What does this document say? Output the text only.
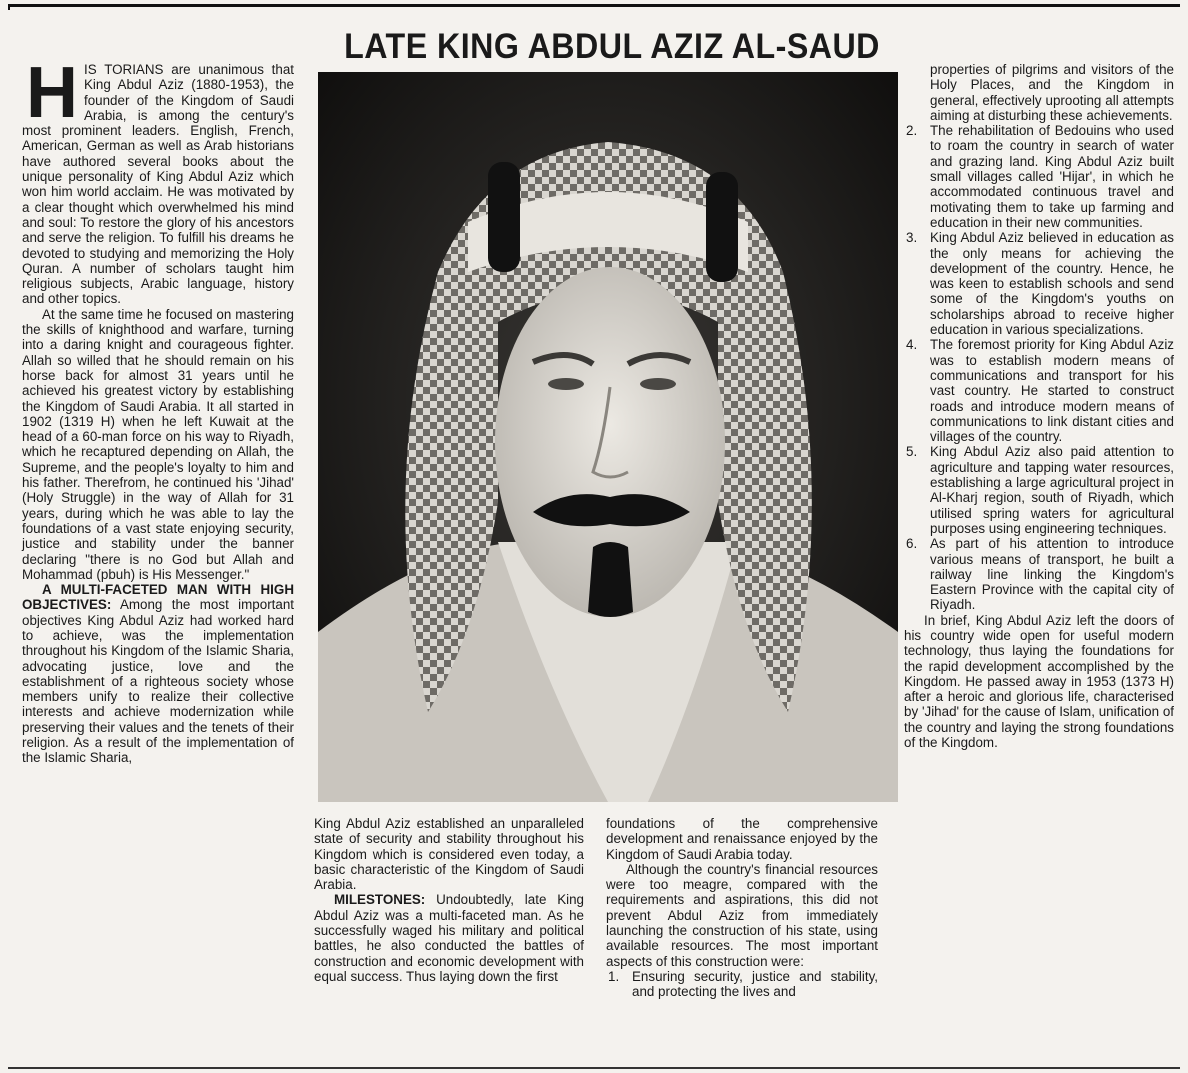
LATE KING ABDUL AZIZ AL-SAUD

HIS TORIANS are unanimous that King Abdul Aziz (1880-1953), the founder of the Kingdom of Saudi Arabia, is among the century's most prominent leaders. English, French, American, German as well as Arab historians have authored several books about the unique personality of King Abdul Aziz which won him world acclaim. He was motivated by a clear thought which overwhelmed his mind and soul: To restore the glory of his ancestors and serve the religion. To fulfill his dreams he devoted to studying and memorizing the Holy Quran. A number of scholars taught him religious subjects, Arabic language, history and other topics.

At the same time he focused on mastering the skills of knighthood and warfare, turning into a daring knight and courageous fighter. Allah so willed that he should remain on his horse back for almost 31 years until he achieved his greatest victory by establishing the Kingdom of Saudi Arabia. It all started in 1902 (1319 H) when he left Kuwait at the head of a 60-man force on his way to Riyadh, which he recaptured depending on Allah, the Supreme, and the people's loyalty to him and his father. Therefrom, he continued his 'Jihad' (Holy Struggle) in the way of Allah for 31 years, during which he was able to lay the foundations of a vast state enjoying security, justice and stability under the banner declaring "there is no God but Allah and Mohammad (pbuh) is His Messenger."

A MULTI-FACETED MAN WITH HIGH OBJECTIVES: Among the most important objectives King Abdul Aziz had worked hard to achieve, was the implementation throughout his Kingdom of the Islamic Sharia, advocating justice, love and the establishment of a righteous society whose members unify to realize their collective interests and achieve modernization while preserving their values and the tenets of their religion. As a result of the implementation of the Islamic Sharia,

King Abdul Aziz established an unparalleled state of security and stability throughout his Kingdom which is considered even today, a basic characteristic of the Kingdom of Saudi Arabia.

MILESTONES: Undoubtedly, late King Abdul Aziz was a multi-faceted man. As he successfully waged his military and political battles, he also conducted the battles of construction and economic development with equal success. Thus laying down the first

foundations of the comprehensive development and renaissance enjoyed by the Kingdom of Saudi Arabia today.

Although the country's financial resources were too meagre, compared with the requirements and aspirations, this did not prevent Abdul Aziz from immediately launching the construction of his state, using available resources. The most important aspects of this construction were:

1. Ensuring security, justice and stability, and protecting the lives and
properties of pilgrims and visitors of the Holy Places, and the Kingdom in general, effectively uprooting all attempts aiming at disturbing these achievements.
2. The rehabilitation of Bedouins who used to roam the country in search of water and grazing land. King Abdul Aziz built small villages called 'Hijar', in which he accommodated continuous travel and motivating them to take up farming and education in their new communities.
3. King Abdul Aziz believed in education as the only means for achieving the development of the country. Hence, he was keen to establish schools and send some of the Kingdom's youths on scholarships abroad to receive higher education in various specializations.
4. The foremost priority for King Abdul Aziz was to establish modern means of communications and transport for his vast country. He started to construct roads and introduce modern means of communications to link distant cities and villages of the country.
5. King Abdul Aziz also paid attention to agriculture and tapping water resources, establishing a large agricultural project in Al-Kharj region, south of Riyadh, which utilised spring waters for agricultural purposes using engineering techniques.
6. As part of his attention to introduce various means of transport, he built a railway line linking the Kingdom's Eastern Province with the capital city of Riyadh.

In brief, King Abdul Aziz left the doors of his country wide open for useful modern technology, thus laying the foundations for the rapid development accomplished by the Kingdom. He passed away in 1953 (1373 H) after a heroic and glorious life, characterised by 'Jihad' for the cause of Islam, unification of the country and laying the strong foundations of the Kingdom.
